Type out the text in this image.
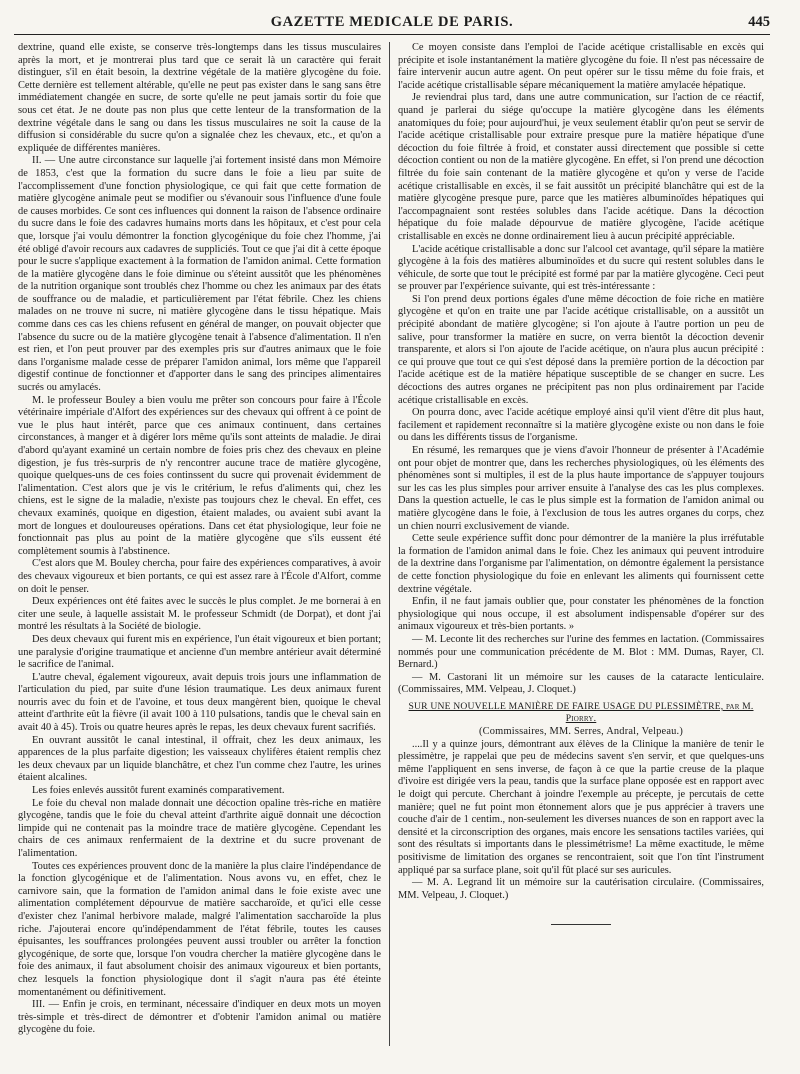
GAZETTE MEDICALE DE PARIS.	445

dextrine, quand elle existe, se conserve très-longtemps dans les tissus musculaires après la mort, et je montrerai plus tard que ce serait là un caractère qui ferait distinguer, s'il en était besoin, la dextrine végétale de la matière glycogène du foie. Cette dernière est tellement altérable, qu'elle ne peut pas exister dans le sang sans être immédiatement changée en sucre, de sorte qu'elle ne peut jamais sortir du foie que sous cet état. Je ne doute pas non plus que cette lenteur de la transformation de la dextrine végétale dans le sang ou dans les tissus musculaires ne soit la cause de la diffusion si considérable du sucre qu'on a signalée chez les chevaux, etc., et qu'on a expliquée de différentes manières.

II. — Une autre circonstance sur laquelle j'ai fortement insisté dans mon Mémoire de 1853, c'est que la formation du sucre dans le foie a lieu par suite de l'accomplissement d'une fonction physiologique, ce qui fait que cette formation de matière glycogène animale peut se modifier ou s'évanouir sous l'influence d'une foule de causes morbides. Ce sont ces influences qui donnent la raison de l'absence ordinaire du sucre dans le foie des cadavres humains morts dans les hôpitaux, et c'est pour cela que, lorsque j'ai voulu démontrer la fonction glycogénique du foie chez l'homme, j'ai été obligé d'avoir recours aux cadavres de suppliciés. Tout ce que j'ai dit à cette époque pour le sucre s'applique exactement à la formation de l'amidon animal. Cette formation de la matière glycogène dans le foie diminue ou s'éteint aussitôt que les phénomènes de la nutrition organique sont troublés chez l'homme ou chez les animaux par des états de souffrance ou de maladie, et particulièrement par l'état fébrile. Chez les chiens malades on ne trouve ni sucre, ni matière glycogène dans le tissu hépatique. Mais comme dans ces cas les chiens refusent en général de manger, on pouvait objecter que l'absence du sucre ou de la matière glycogène tenait à l'absence d'alimentation. Il n'en est rien, et l'on peut prouver par des exemples pris sur d'autres animaux que le foie dans l'organisme malade cesse de préparer l'amidon animal, lors même que l'appareil digestif continue de fonctionner et d'apporter dans le sang des principes alimentaires sucrés ou amylacés.

M. le professeur Bouley a bien voulu me prêter son concours pour faire à l'École vétérinaire impériale d'Alfort des expériences sur des chevaux qui offrent à ce point de vue le plus haut intérêt, parce que ces animaux continuent, dans certaines circonstances, à manger et à digérer lors même qu'ils sont atteints de maladie. Je dirai d'abord qu'ayant examiné un certain nombre de foies pris chez des chevaux en pleine digestion, je fus très-surpris de n'y rencontrer aucune trace de matière glycogène, quoique quelques-uns de ces foies continssent du sucre qui provenait évidemment de l'alimentation. C'est alors que je vis le critérium, le refus d'aliments qui, chez les chiens, est le signe de la maladie, n'existe pas toujours chez le cheval. En effet, ces chevaux examinés, quoique en digestion, étaient malades, ou avaient subi avant la mort de longues et douloureuses opérations. Dans cet état physiologique, leur foie ne fonctionnait pas plus au point de la matière glycogène que s'ils eussent été complètement soumis à l'abstinence.

C'est alors que M. Bouley chercha, pour faire des expériences comparatives, à avoir des chevaux vigoureux et bien portants, ce qui est assez rare à l'École d'Alfort, comme on doit le penser.

Deux expériences ont été faites avec le succès le plus complet. Je me bornerai à en citer une seule, à laquelle assistait M. le professeur Schmidt (de Dorpat), et dont j'ai montré les résultats à la Société de biologie.

Des deux chevaux qui furent mis en expérience, l'un était vigoureux et bien portant; une paralysie d'origine traumatique et ancienne d'un membre antérieur avait déterminé le sacrifice de l'animal.

L'autre cheval, également vigoureux, avait depuis trois jours une inflammation de l'articulation du pied, par suite d'une lésion traumatique. Les deux animaux furent nourris avec du foin et de l'avoine, et tous deux mangèrent bien, quoique le cheval atteint d'arthrite eût la fièvre (il avait 100 à 110 pulsations, tandis que le cheval sain en avait 40 à 45). Trois ou quatre heures après le repas, les deux chevaux furent sacrifiés.

En ouvrant aussitôt le canal intestinal, il offrait, chez les deux animaux, les apparences de la plus parfaite digestion; les vaisseaux chylifères étaient remplis chez les deux chevaux par un liquide blanchâtre, et chez l'un comme chez l'autre, les urines étaient alcalines.

Les foies enlevés aussitôt furent examinés comparativement.

Le foie du cheval non malade donnait une décoction opaline très-riche en matière glycogène, tandis que le foie du cheval atteint d'arthrite aiguë donnait une décoction limpide qui ne contenait pas la moindre trace de matière glycogène. Cependant les chairs de ces animaux renfermaient de la dextrine et du sucre provenant de l'alimentation.

Toutes ces expériences prouvent donc de la manière la plus claire l'indépendance de la fonction glycogénique et de l'alimentation. Nous avons vu, en effet, chez le carnivore sain, que la formation de l'amidon animal dans le foie existe avec une alimentation complétement dépourvue de matière saccharoïde, et qu'ici elle cesse d'exister chez l'animal herbivore malade, malgré l'alimentation saccharoïde la plus riche. J'ajouterai encore qu'indépendamment de l'état fébrile, toutes les causes épuisantes, les souffrances prolongées peuvent aussi troubler ou arrêter la fonction glycogénique, de sorte que, lorsque l'on voudra chercher la matière glycogène dans le foie des animaux, il faut absolument choisir des animaux vigoureux et bien portants, chez lesquels la fonction physiologique dont il s'agit n'aura pas été éteinte momentanément ou définitivement.

III. — Enfin je crois, en terminant, nécessaire d'indiquer en deux mots un moyen très-simple et très-direct de démontrer et d'obtenir l'amidon animal ou matière glycogène du foie.

Ce moyen consiste dans l'emploi de l'acide acétique cristallisable en excès qui précipite et isole instantanément la matière glycogène du foie. Il n'est pas nécessaire de faire intervenir aucun autre agent. On peut opérer sur le tissu même du foie frais, et l'acide acétique cristallisable sépare mécaniquement la matière amylacée hépatique.

Je reviendrai plus tard, dans une autre communication, sur l'action de ce réactif, quand je parlerai du siége qu'occupe la matière glycogène dans les éléments anatomiques du foie; pour aujourd'hui, je veux seulement établir qu'on peut se servir de l'acide acétique cristallisable pour extraire presque pure la matière hépatique d'une décoction du foie filtrée à froid, et constater aussi directement que possible si cette décoction contient ou non de la matière glycogène. En effet, si l'on prend une décoction filtrée du foie sain contenant de la matière glycogène et qu'on y verse de l'acide acétique cristallisable en excès, il se fait aussitôt un précipité blanchâtre qui est de la matière glycogène presque pure, parce que les matières albuminoïdes hépatiques qui l'accompagnaient sont restées solubles dans l'acide acétique. Dans la décoction hépatique du foie malade dépourvue de matière glycogène, l'acide acétique cristallisable en excès ne donne ordinairement lieu à aucun précipité appréciable.

L'acide acétique cristallisable a donc sur l'alcool cet avantage, qu'il sépare la matière glycogène à la fois des matières albuminoïdes et du sucre qui restent solubles dans le véhicule, de sorte que tout le précipité est formé par par la matière glycogène. Ceci peut se prouver par l'expérience suivante, qui est très-intéressante :

Si l'on prend deux portions égales d'une même décoction de foie riche en matière glycogène et qu'on en traite une par l'acide acétique cristallisable, on a aussitôt un précipité abondant de matière glycogène; si l'on ajoute à l'autre portion un peu de salive, pour transformer la matière en sucre, on verra bientôt la décoction devenir transparente, et alors si l'on ajoute de l'acide acétique, on n'aura plus aucun précipité : ce qui prouve que tout ce qui s'est déposé dans la première portion de la décoction par l'acide acétique est de la matière hépatique susceptible de se changer en sucre. Les décoctions des autres organes ne précipitent pas non plus ordinairement par l'acide acétique cristallisable en excès.

On pourra donc, avec l'acide acétique employé ainsi qu'il vient d'être dit plus haut, facilement et rapidement reconnaître si la matière glycogène existe ou non dans le foie ou dans les différents tissus de l'organisme.

En résumé, les remarques que je viens d'avoir l'honneur de présenter à l'Académie ont pour objet de montrer que, dans les recherches physiologiques, où les éléments des phénomènes sont si multiples, il est de la plus haute importance de s'appuyer toujours sur les cas les plus simples pour arriver ensuite à l'analyse des cas les plus complexes. Dans la question actuelle, le cas le plus simple est la formation de l'amidon animal ou matière glycogène dans le foie, à l'exclusion de tous les autres organes du corps, chez un chien nourri exclusivement de viande.

Cette seule expérience suffit donc pour démontrer de la manière la plus irréfutable la formation de l'amidon animal dans le foie. Chez les animaux qui peuvent introduire de la dextrine dans l'organisme par l'alimentation, on démontre également la persistance de cette fonction physiologique du foie en enlevant les aliments qui fournissent cette dextrine végétale.

Enfin, il ne faut jamais oublier que, pour constater les phénomènes de la fonction physiologique qui nous occupe, il est absolument indispensable d'opérer sur des animaux vigoureux et très-bien portants. »

— M. Leconte lit des recherches sur l'urine des femmes en lactation. (Commissaires nommés pour une communication précédente de M. Blot : MM. Dumas, Rayer, Cl. Bernard.)

— M. Castorani lit un mémoire sur les causes de la cataracte lenticulaire. (Commissaires, MM. Velpeau, J. Cloquet.)

SUR UNE NOUVELLE MANIÈRE DE FAIRE USAGE DU PLESSIMÈTRE, par M. Piorry.
(Commissaires, MM. Serres, Andral, Velpeau.)

....Il y a quinze jours, démontrant aux élèves de la Clinique la manière de tenir le plessimètre, je rappelai que peu de médecins savent s'en servir, et que quelques-uns même l'appliquent en sens inverse, de façon à ce que la partie creuse de la plaque d'ivoire est dirigée vers la peau, tandis que la surface plane opposée est en rapport avec le doigt qui percute. Cherchant à joindre l'exemple au précepte, je percutais de cette manière; quel ne fut point mon étonnement alors que je pus apprécier à travers une couche d'air de 1 centim., non-seulement les diverses nuances de son en rapport avec la densité et la circonscription des organes, mais encore les sensations tactiles variées, qui sont des résultats si importants dans le plessimétrisme! La même exactitude, le même positivisme de limitation des organes se rencontraient, soit que l'on tînt l'instrument appliqué par sa surface plane, soit qu'il fût placé sur ses auricules.

— M. A. Legrand lit un mémoire sur la cautérisation circulaire. (Commissaires, MM. Velpeau, J. Cloquet.)
